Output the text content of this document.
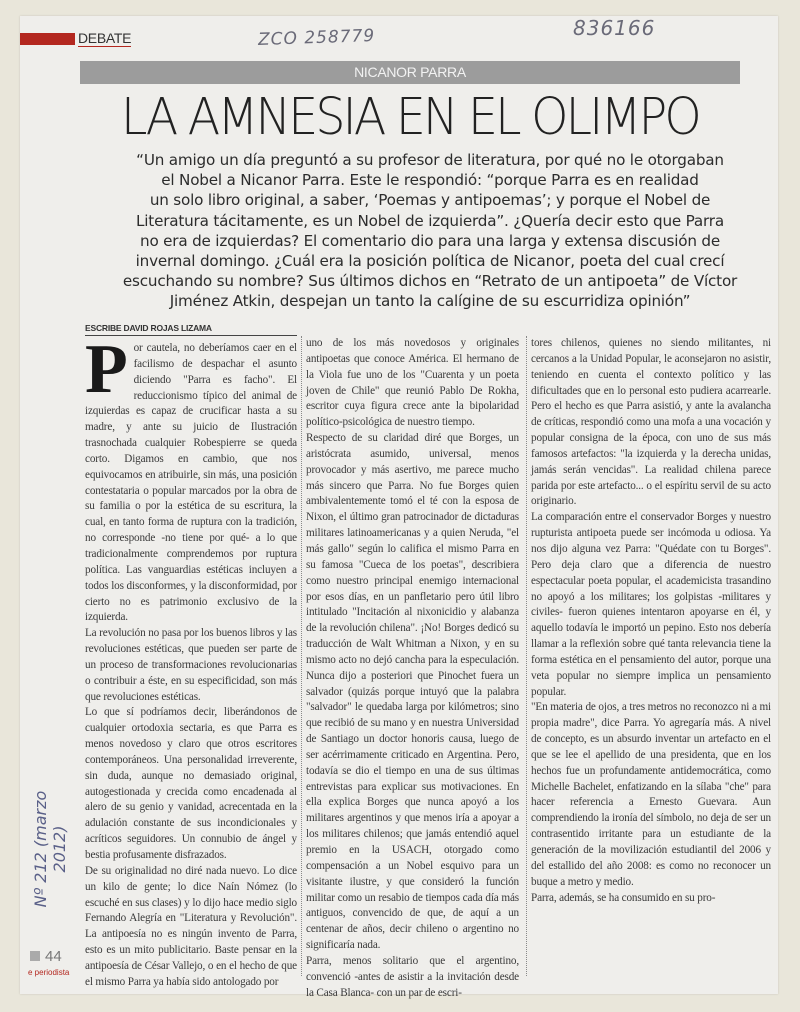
DEBATE	ZCO 258779	836166
NICANOR PARRA
LA AMNESIA EN EL OLIMPO
“Un amigo un día preguntó a su profesor de literatura, por qué no le otorgaban
el Nobel a Nicanor Parra. Este le respondió: “porque Parra es en realidad
un solo libro original, a saber, ‘Poemas y antipoemas’; y porque el Nobel de
Literatura tácitamente, es un Nobel de izquierda”. ¿Quería decir esto que Parra
no era de izquierdas? El comentario dio para una larga y extensa discusión de
invernal domingo. ¿Cuál era la posición política de Nicanor, poeta del cual crecí
escuchando su nombre? Sus últimos dichos en “Retrato de un antipoeta” de Víctor
Jiménez Atkin, despejan un tanto la calígine de su escurridiza opinión”
ESCRIBE DAVID ROJAS LIZAMA

Por cautela, no deberíamos caer en el facilismo de despachar el asunto diciendo "Parra es facho". El reduccionismo típico del animal de izquierdas es capaz de crucificar hasta a su madre, y ante su juicio de Ilustración trasnochada cualquier Robespierre se queda corto. Digamos en cambio, que nos equivocamos en atribuirle, sin más, una posición contestataria o popular marcados por la obra de su familia o por la estética de su escritura, la cual, en tanto forma de ruptura con la tradición, no corresponde -no tiene por qué- a lo que tradicionalmente comprendemos por ruptura política. Las vanguardias estéticas incluyen a todos los disconformes, y la disconformidad, por cierto no es patrimonio exclusivo de la izquierda.

La revolución no pasa por los buenos libros y las revoluciones estéticas, que pueden ser parte de un proceso de transformaciones revolucionarias o contribuir a éste, en su especificidad, son más que revoluciones estéticas.

Lo que sí podríamos decir, liberándonos de cualquier ortodoxia sectaria, es que Parra es menos novedoso y claro que otros escritores contemporáneos. Una personalidad irreverente, sin duda, aunque no demasiado original, autogestionada y crecida como encadenada al alero de su genio y vanidad, acrecentada en la adulación constante de sus incondicionales y acríticos seguidores. Un connubio de ángel y bestia profusamente disfrazados.

De su originalidad no diré nada nuevo. Lo dice un kilo de gente; lo dice Naín Nómez (lo escuché en sus clases) y lo dijo hace medio siglo Fernando Alegría en "Literatura y Revolución". La antipoesía no es ningún invento de Parra, esto es un mito publicitario. Baste pensar en la antipoesía de César Vallejo, o en el hecho de que el mismo Parra ya había sido antologado por

uno de los más novedosos y originales antipoetas que conoce América. El hermano de la Viola fue uno de los "Cuarenta y un poeta joven de Chile" que reunió Pablo De Rokha, escritor cuya figura crece ante la bipolaridad político-psicológica de nuestro tiempo.

Respecto de su claridad diré que Borges, un aristócrata asumido, universal, menos provocador y más asertivo, me parece mucho más sincero que Parra. No fue Borges quien ambivalentemente tomó el té con la esposa de Nixon, el último gran patrocinador de dictaduras militares latinoamericanas y a quien Neruda, "el más gallo" según lo califica el mismo Parra en su famosa "Cueca de los poetas", describiera como nuestro principal enemigo internacional por esos días, en un panfletario pero útil libro intitulado "Incitación al nixonicidio y alabanza de la revolución chilena". ¡No! Borges dedicó su traducción de Walt Whitman a Nixon, y en su mismo acto no dejó cancha para la especulación. Nunca dijo a posteriori que Pinochet fuera un salvador (quizás porque intuyó que la palabra "salvador" le quedaba larga por kilómetros; sino que recibió de su mano y en nuestra Universidad de Santiago un doctor honoris causa, luego de ser acérrimamente criticado en Argentina. Pero, todavía se dio el tiempo en una de sus últimas entrevistas para explicar sus motivaciones. En ella explica Borges que nunca apoyó a los militares argentinos y que menos iría a apoyar a los militares chilenos; que jamás entendió aquel premio en la USACH, otorgado como compensación a un Nobel esquivo para un visitante ilustre, y que consideró la función militar como un resabio de tiempos cada día más antiguos, convencido de que, de aquí a un centenar de años, decir chileno o argentino no significaría nada.

Parra, menos solitario que el argentino, convenció -antes de asistir a la invitación desde la Casa Blanca- con un par de escri-

tores chilenos, quienes no siendo militantes, ni cercanos a la Unidad Popular, le aconsejaron no asistir, teniendo en cuenta el contexto político y las dificultades que en lo personal esto pudiera acarrearle. Pero el hecho es que Parra asistió, y ante la avalancha de críticas, respondió como una mofa a una vocación y popular consigna de la época, con uno de sus más famosos artefactos: "la izquierda y la derecha unidas, jamás serán vencidas". La realidad chilena parece parida por este artefacto... o el espíritu servil de su acto originario.

La comparación entre el conservador Borges y nuestro rupturista antipoeta puede ser incómoda u odiosa. Ya nos dijo alguna vez Parra: "Quédate con tu Borges". Pero deja claro que a diferencia de nuestro espectacular poeta popular, el academicista trasandino no apoyó a los militares; los golpistas -militares y civiles- fueron quienes intentaron apoyarse en él, y aquello todavía le importó un pepino. Esto nos debería llamar a la reflexión sobre qué tanta relevancia tiene la forma estética en el pensamiento del autor, porque una veta popular no siempre implica un pensamiento popular.

"En materia de ojos, a tres metros no reconozco ni a mi propia madre", dice Parra. Yo agregaría más. A nivel de concepto, es un absurdo inventar un artefacto en el que se lee el apellido de una presidenta, que en los hechos fue un profundamente antidemocrática, como Michelle Bachelet, enfatizando en la sílaba "che" para hacer referencia a Ernesto Guevara. Aun comprendiendo la ironía del símbolo, no deja de ser un contrasentido irritante para un estudiante de la generación de la movilización estudiantil del 2006 y del estallido del año 2008: es como no reconocer un buque a metro y medio.

Parra, además, se ha consumido en su pro-

Nº 212 (marzo 2012)
44
e periodista
